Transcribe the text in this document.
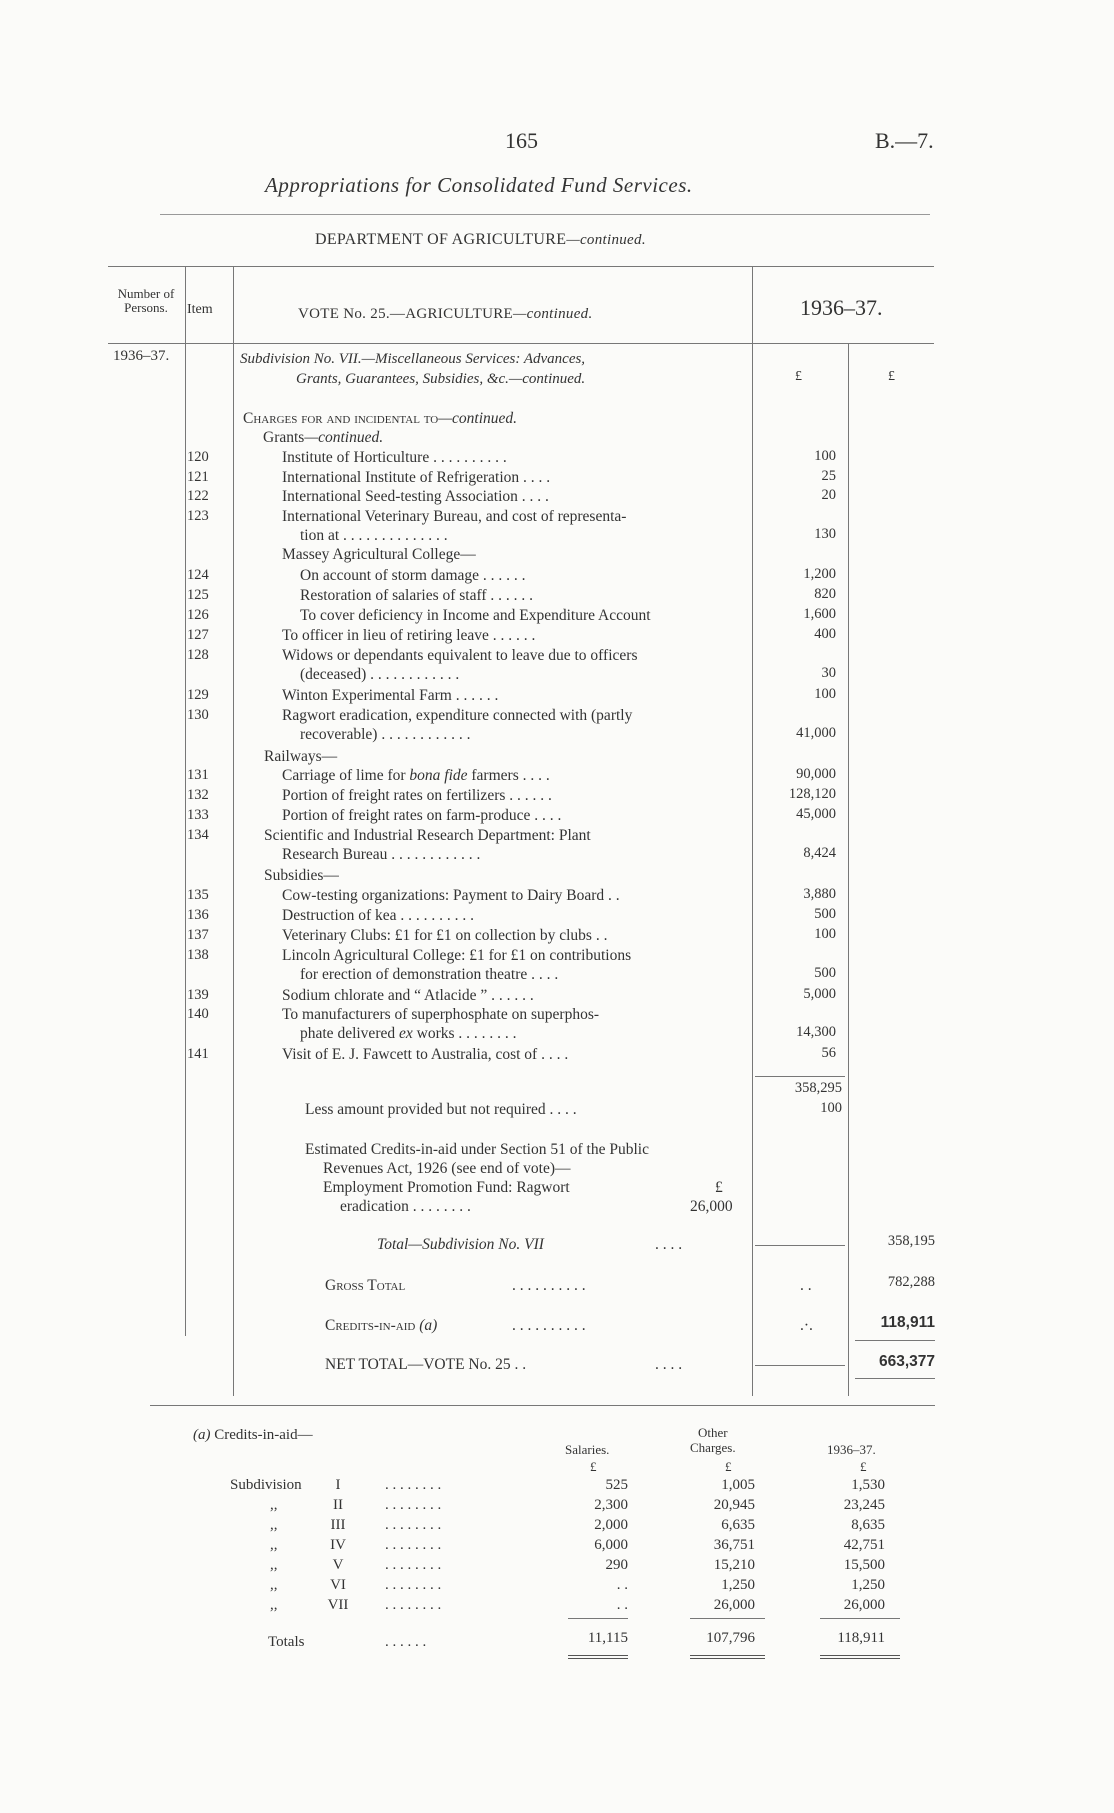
165	B.—7.
Appropriations for Consolidated Fund Services.
DEPARTMENT OF AGRICULTURE—continued.
Number of Persons.	Item	VOTE No. 25.—AGRICULTURE—continued.	1936–37.
1936–37.	Subdivision No. VII.—Miscellaneous Services: Advances,
Grants, Guarantees, Subsidies, &c.—continued.	£	£
Charges for and incidental to—continued.
Grants—continued.
120	Institute of Horticulture . . . . . . . . . .	100
121	International Institute of Refrigeration . . . .	25
122	International Seed-testing Association . . . .	20
123	International Veterinary Bureau, and cost of representa-
tion at . . . . . . . . . . . . . .	130
124	On account of storm damage . . . . . .	1,200
125	Restoration of salaries of staff . . . . . .	820
126	To cover deficiency in Income and Expenditure Account	1,600
127	To officer in lieu of retiring leave . . . . . .	400
128	Widows or dependants equivalent to leave due to officers
(deceased) . . . . . . . . . . . .	30
129	Winton Experimental Farm . . . . . .	100
130	Ragwort eradication, expenditure connected with (partly
recoverable) . . . . . . . . . . . .	41,000
131	Carriage of lime for bona fide farmers . . . .	90,000
132	Portion of freight rates on fertilizers . . . . . .	128,120
133	Portion of freight rates on farm-produce . . . .	45,000
134	Scientific and Industrial Research Department: Plant
Research Bureau . . . . . . . . . . . .	8,424
135	Cow-testing organizations: Payment to Dairy Board . .	3,880
136	Destruction of kea . . . . . . . . . .	500
137	Veterinary Clubs: £1 for £1 on collection by clubs . .	100
138	Lincoln Agricultural College: £1 for £1 on contributions
for erection of demonstration theatre . . . .	500
139	Sodium chlorate and “ Atlacide ” . . . . . .	5,000
140	To manufacturers of superphosphate on superphos-
phate delivered ex works . . . . . . . .	14,300
141	Visit of E. J. Fawcett to Australia, cost of . . . .	56
Massey Agricultural College—
Railways—
Subsidies—
358,295
Less amount provided but not required . . . .	100
Estimated Credits-in-aid under Section 51 of the Public
Revenues Act, 1926 (see end of vote)—
Employment Promotion Fund: Ragwort	£
eradication . . . . . . . .	26,000
Total—Subdivision No. VII	. . . .	358,195
Gross Total	. . . . . . . . . .	. .	782,288
Credits-in-aid (a)	. . . . . . . . . .	.·.	118,911
NET TOTAL—VOTE No. 25 . .	. . . .	663,377
(a) Credits-in-aid—
Salaries.
Other
Charges.	1936–37.
£	£	£
Subdivision	I	. . . . . . . .	525	1,005	1,530
,,	II	. . . . . . . .	2,300	20,945	23,245
,,	III	. . . . . . . .	2,000	6,635	8,635
,,	IV	. . . . . . . .	6,000	36,751	42,751
,,	V	. . . . . . . .	290	15,210	15,500
,,	VI	. . . . . . . .	. .	1,250	1,250
,,	VII	. . . . . . . .	. .	26,000	26,000
Totals	. . . . . .	11,115	107,796	118,911
